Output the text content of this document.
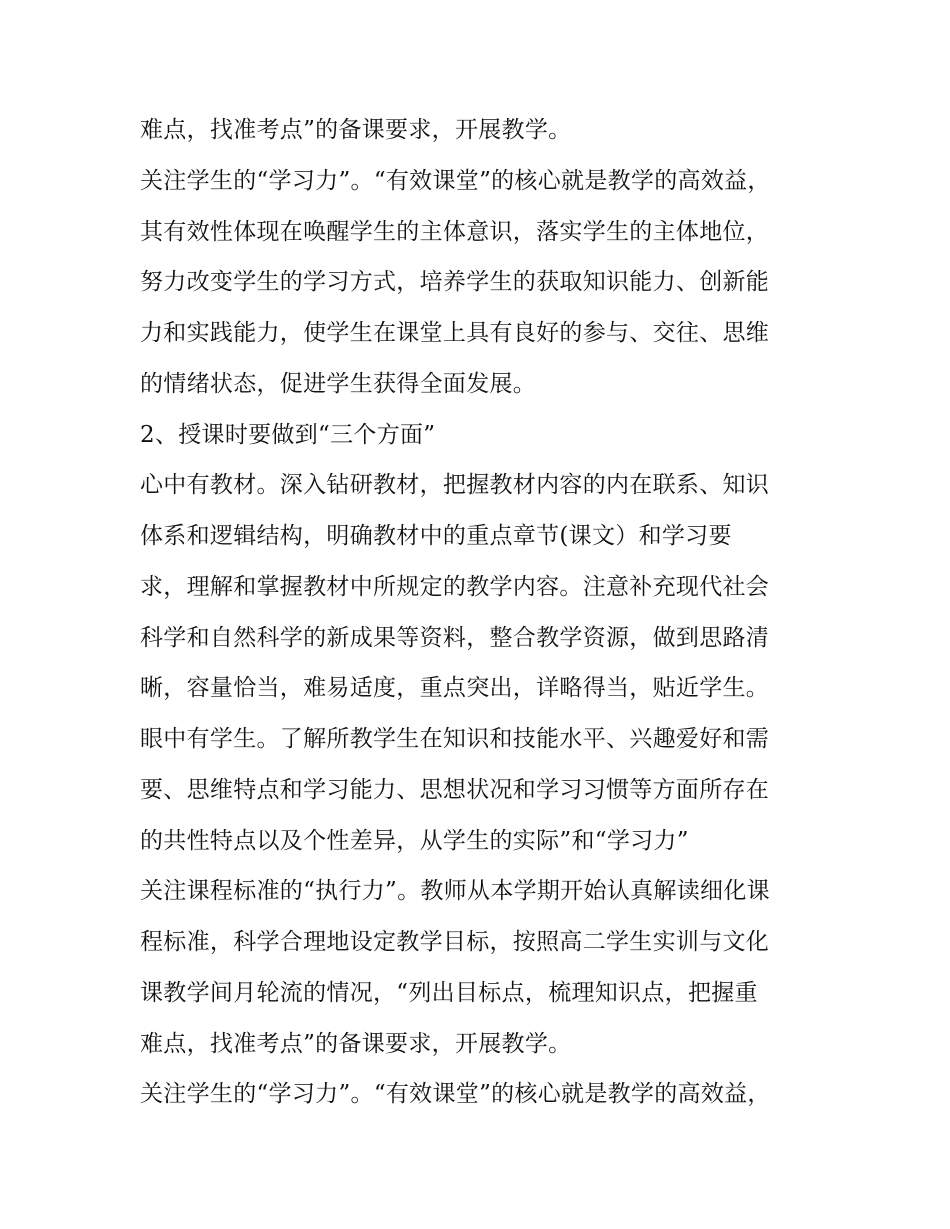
难点，找准考点”的备课要求，开展教学。
关注学生的“学习力”。“有效课堂”的核心就是教学的高效益，
其有效性体现在唤醒学生的主体意识，落实学生的主体地位，
努力改变学生的学习方式，培养学生的获取知识能力、创新能
力和实践能力，使学生在课堂上具有良好的参与、交往、思维
的情绪状态，促进学生获得全面发展。
2、授课时要做到“三个方面”
心中有教材。深入钻研教材，把握教材内容的内在联系、知识
体系和逻辑结构，明确教材中的重点章节(课文）和学习要
求，理解和掌握教材中所规定的教学内容。注意补充现代社会
科学和自然科学的新成果等资料，整合教学资源，做到思路清
晰，容量恰当，难易适度，重点突出，详略得当，贴近学生。
眼中有学生。了解所教学生在知识和技能水平、兴趣爱好和需
要、思维特点和学习能力、思想状况和学习习惯等方面所存在
的共性特点以及个性差异，从学生的实际”和“学习力”
关注课程标准的“执行力”。教师从本学期开始认真解读细化课
程标准，科学合理地设定教学目标，按照高二学生实训与文化
课教学间月轮流的情况，“列出目标点，梳理知识点，把握重
难点，找准考点”的备课要求，开展教学。
关注学生的“学习力”。“有效课堂”的核心就是教学的高效益，
